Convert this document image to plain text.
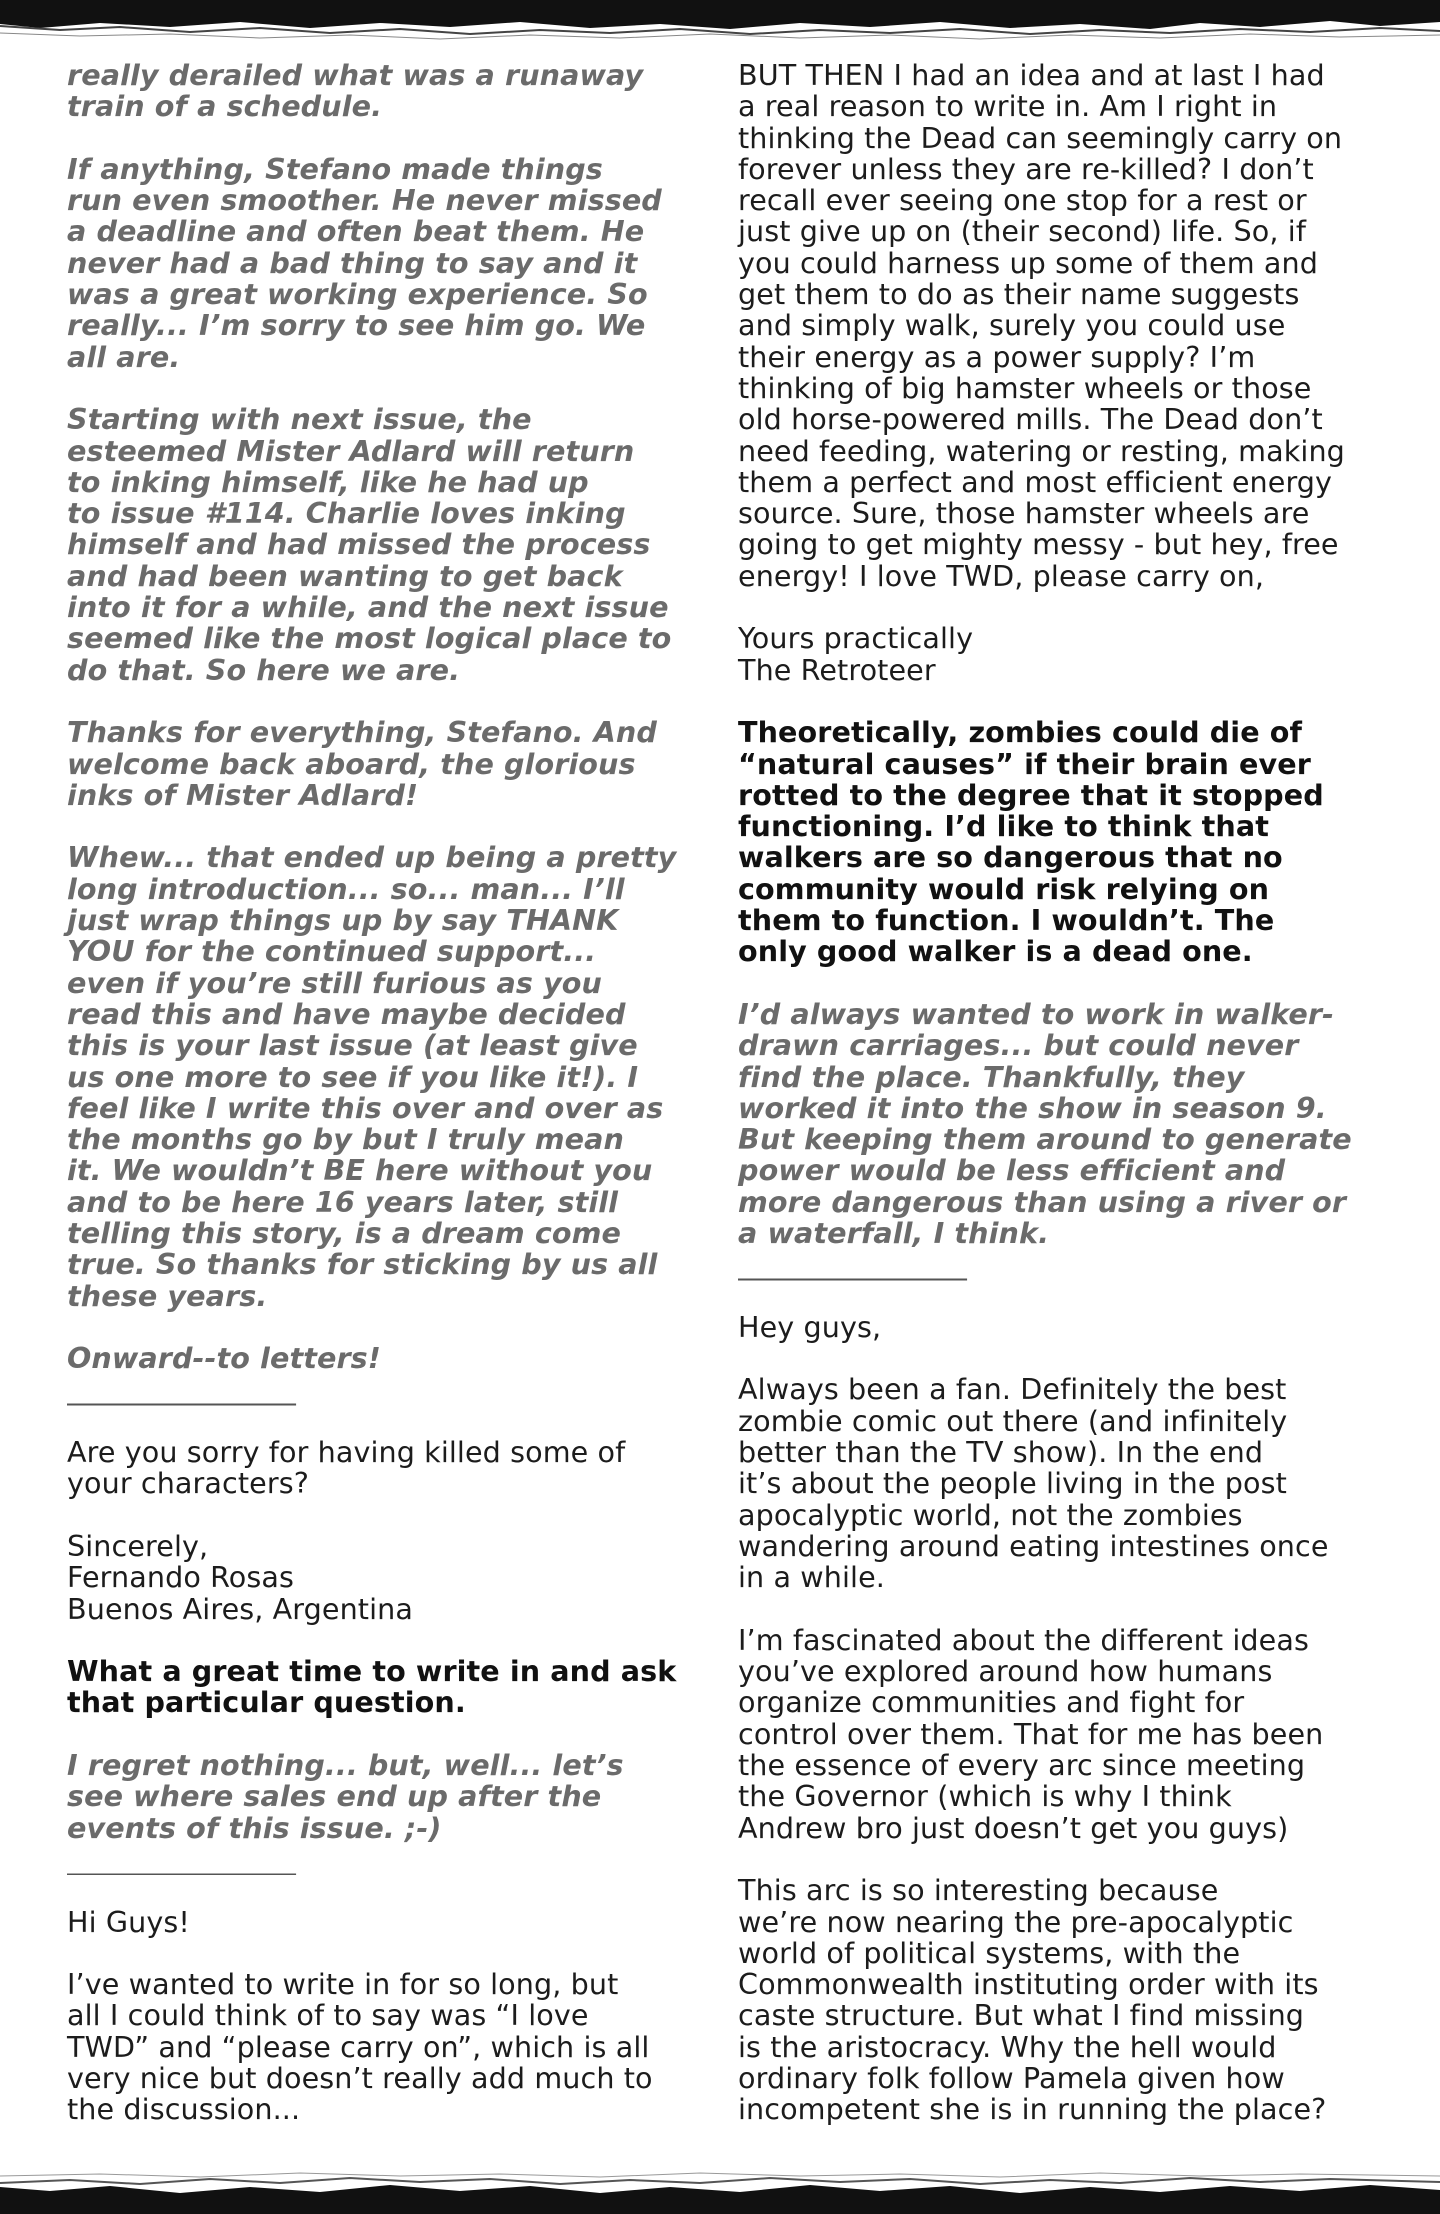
really derailed what was a runaway
train of a schedule.

If anything, Stefano made things
run even smoother. He never missed
a deadline and often beat them. He
never had a bad thing to say and it
was a great working experience. So
really... I’m sorry to see him go. We
all are.

Starting with next issue, the
esteemed Mister Adlard will return
to inking himself, like he had up
to issue #114. Charlie loves inking
himself and had missed the process
and had been wanting to get back
into it for a while, and the next issue
seemed like the most logical place to
do that. So here we are.

Thanks for everything, Stefano. And
welcome back aboard, the glorious
inks of Mister Adlard!

Whew... that ended up being a pretty
long introduction... so... man... I’ll
just wrap things up by say THANK
YOU for the continued support...
even if you’re still furious as you
read this and have maybe decided
this is your last issue (at least give
us one more to see if you like it!). I
feel like I write this over and over as
the months go by but I truly mean
it. We wouldn’t BE here without you
and to be here 16 years later, still
telling this story, is a dream come
true. So thanks for sticking by us all
these years.

Onward--to letters!

________________

Are you sorry for having killed some of
your characters?

Sincerely,
Fernando Rosas
Buenos Aires, Argentina

What a great time to write in and ask
that particular question.

I regret nothing... but, well... let’s
see where sales end up after the
events of this issue. ;-)

________________

Hi Guys!

I’ve wanted to write in for so long, but
all I could think of to say was “I love
TWD” and “please carry on”, which is all
very nice but doesn’t really add much to
the discussion...

BUT THEN I had an idea and at last I had
a real reason to write in. Am I right in
thinking the Dead can seemingly carry on
forever unless they are re-killed? I don’t
recall ever seeing one stop for a rest or
just give up on (their second) life. So, if
you could harness up some of them and
get them to do as their name suggests
and simply walk, surely you could use
their energy as a power supply? I’m
thinking of big hamster wheels or those
old horse-powered mills. The Dead don’t
need feeding, watering or resting, making
them a perfect and most efficient energy
source. Sure, those hamster wheels are
going to get mighty messy - but hey, free
energy! I love TWD, please carry on,

Yours practically
The Retroteer

Theoretically, zombies could die of
“natural causes” if their brain ever
rotted to the degree that it stopped
functioning. I’d like to think that
walkers are so dangerous that no
community would risk relying on
them to function. I wouldn’t. The
only good walker is a dead one.

I’d always wanted to work in walker-
drawn carriages... but could never
find the place. Thankfully, they
worked it into the show in season 9.
But keeping them around to generate
power would be less efficient and
more dangerous than using a river or
a waterfall, I think.

________________

Hey guys,

Always been a fan. Definitely the best
zombie comic out there (and infinitely
better than the TV show). In the end
it’s about the people living in the post
apocalyptic world, not the zombies
wandering around eating intestines once
in a while.

I’m fascinated about the different ideas
you’ve explored around how humans
organize communities and fight for
control over them. That for me has been
the essence of every arc since meeting
the Governor (which is why I think
Andrew bro just doesn’t get you guys)

This arc is so interesting because
we’re now nearing the pre-apocalyptic
world of political systems, with the
Commonwealth instituting order with its
caste structure. But what I find missing
is the aristocracy. Why the hell would
ordinary folk follow Pamela given how
incompetent she is in running the place?
